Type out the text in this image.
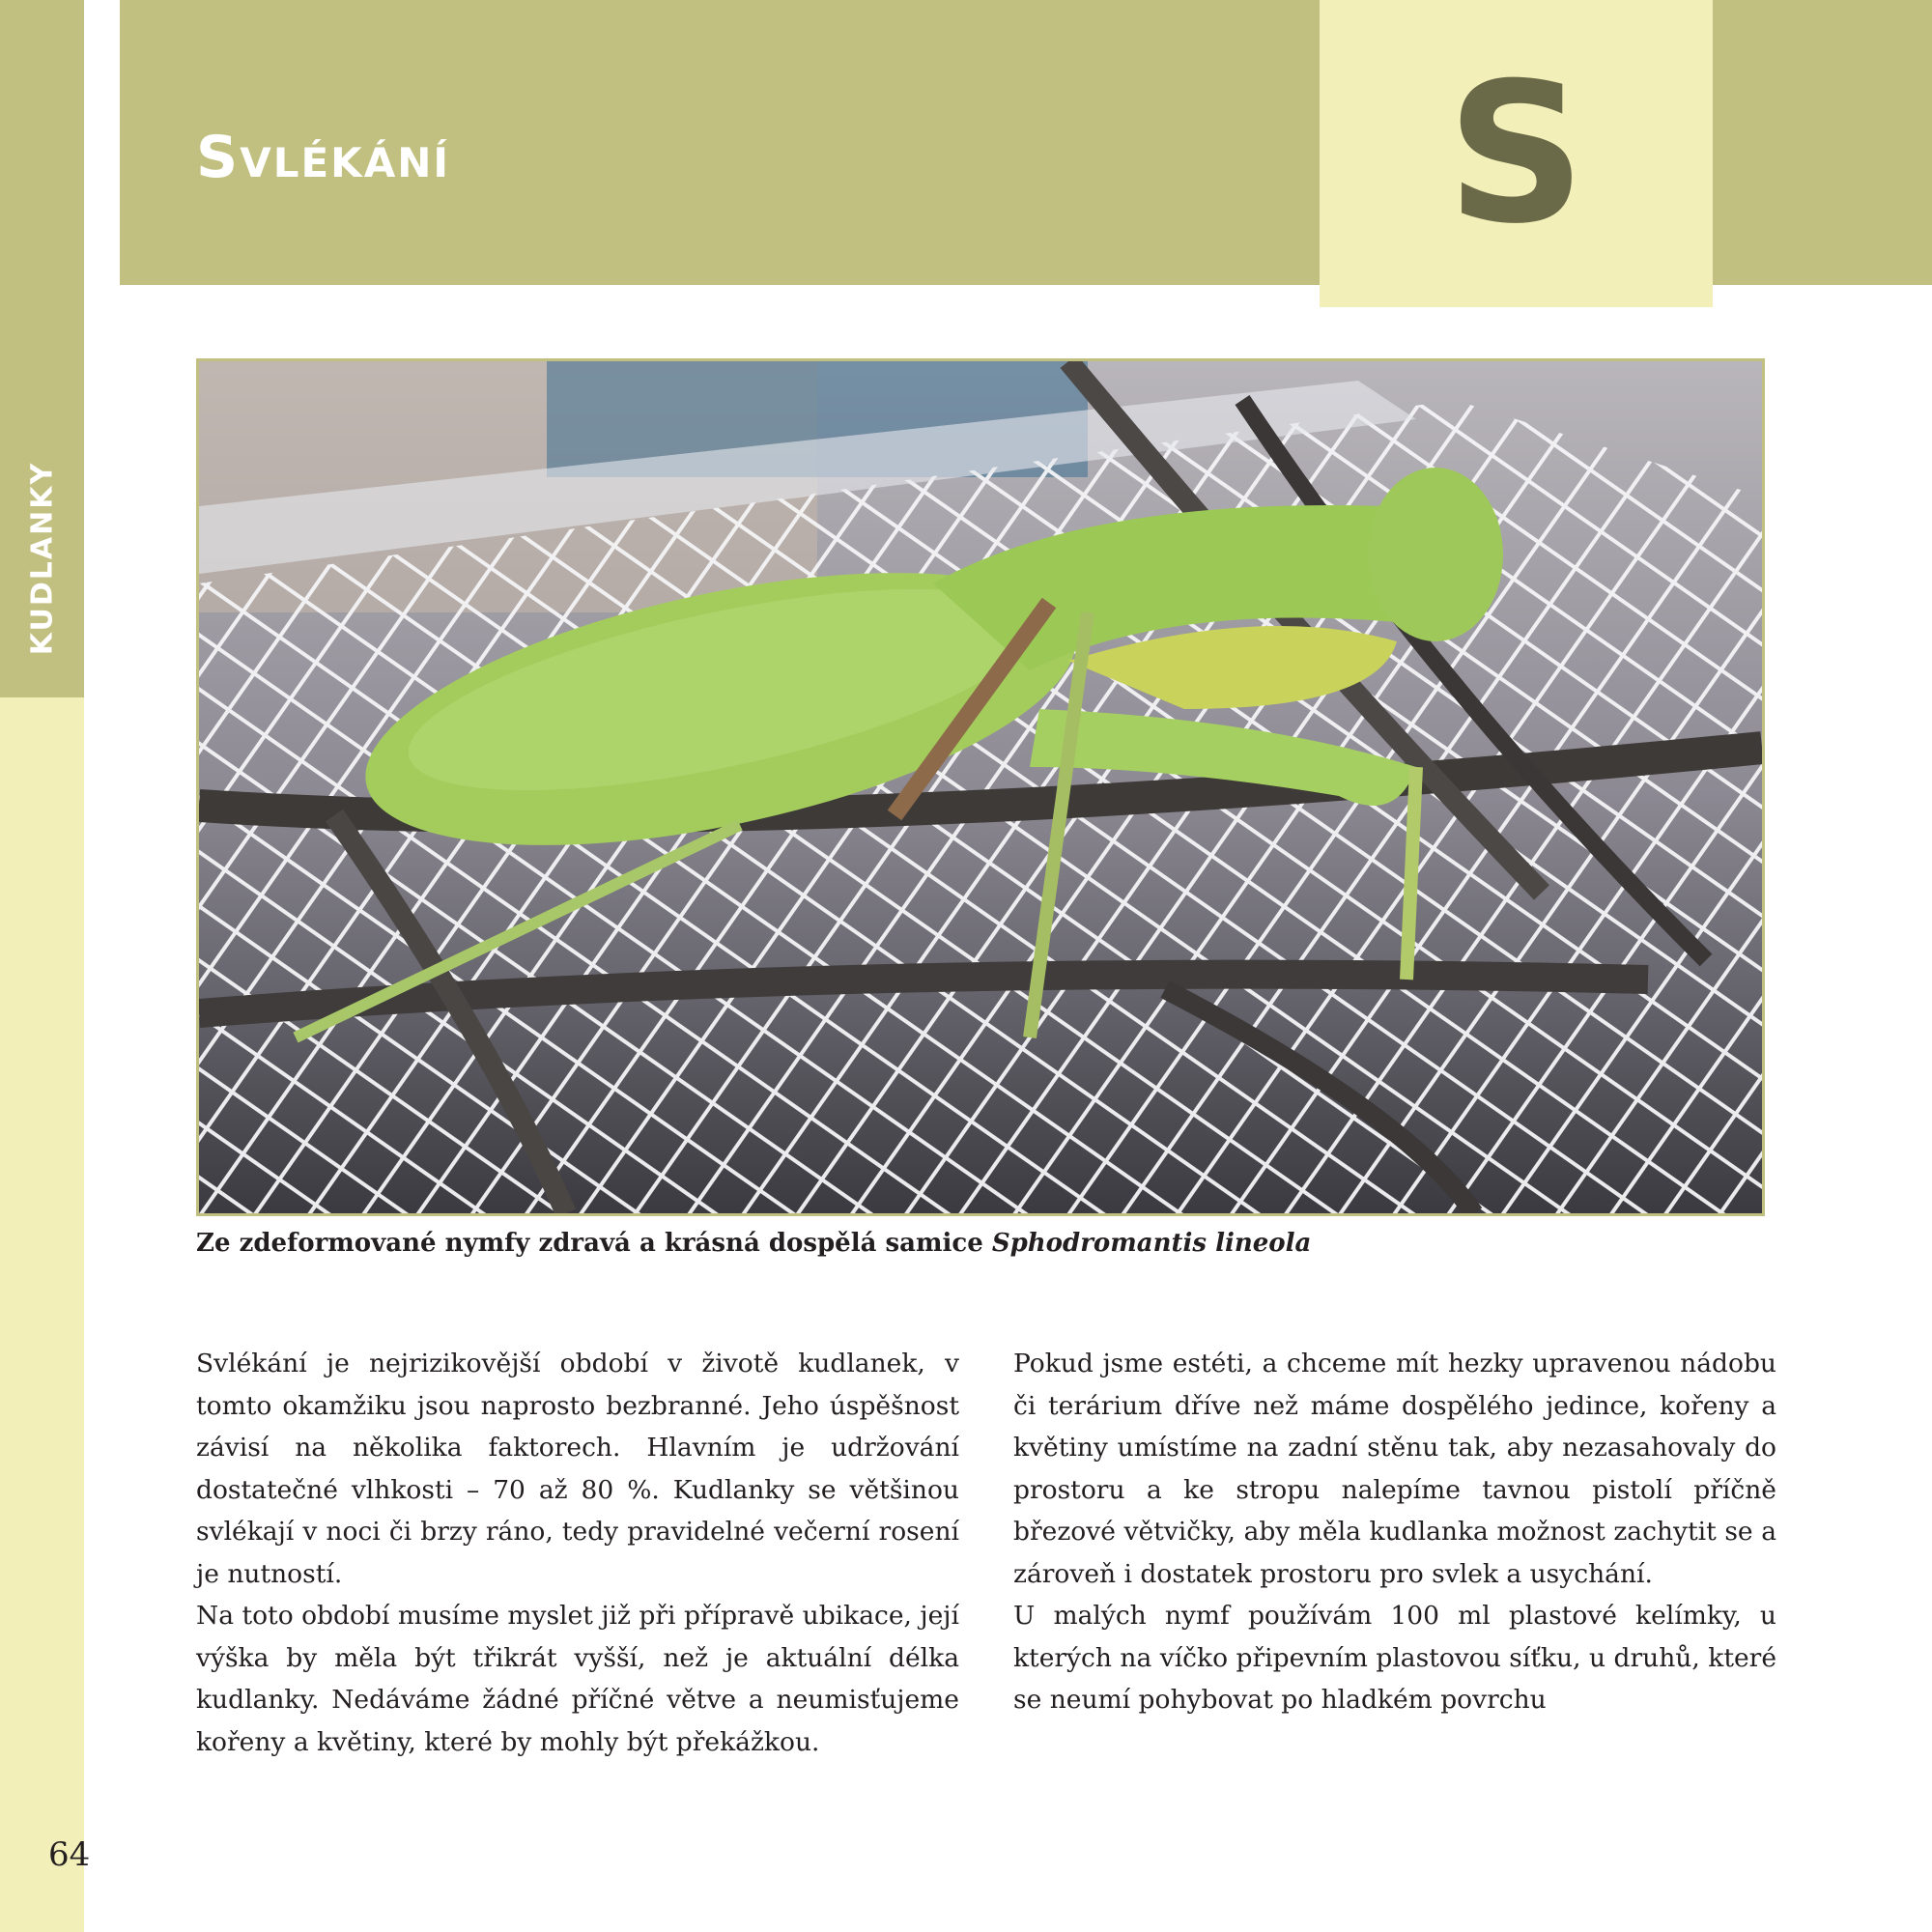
KUDLANKY
Svlékání	S
Ze zdeformované nymfy zdravá a krásná dospělá samice Sphodromantis lineola

Svlékání je nejrizikovější období v životě kudlanek, v tomto okamžiku jsou naprosto bezbranné. Jeho úspěšnost závisí na několika faktorech. Hlavním je udržování dostatečné vlhkosti – 70 až 80 %. Kudlanky se většinou svlékají v noci či brzy ráno, tedy pravidelné večerní rosení je nutností.

Na toto období musíme myslet již při přípravě ubikace, její výška by měla být třikrát vyšší, než je aktuální délka kudlanky. Nedáváme žádné příčné větve a neumisťujeme kořeny a květiny, které by mohly být překážkou.

Pokud jsme estéti, a chceme mít hezky upravenou nádobu či terárium dříve než máme dospělého jedince, kořeny a květiny umístíme na zadní stěnu tak, aby nezasahovaly do prostoru a ke stropu nalepíme tavnou pistolí příčně březové větvičky, aby měla kudlanka možnost zachytit se a zároveň i dostatek prostoru pro svlek a usychání.

U malých nymf používám 100 ml plastové kelímky, u kterých na víčko připevním plastovou síťku, u druhů, které se neumí pohybovat po hladkém povrchu

64
